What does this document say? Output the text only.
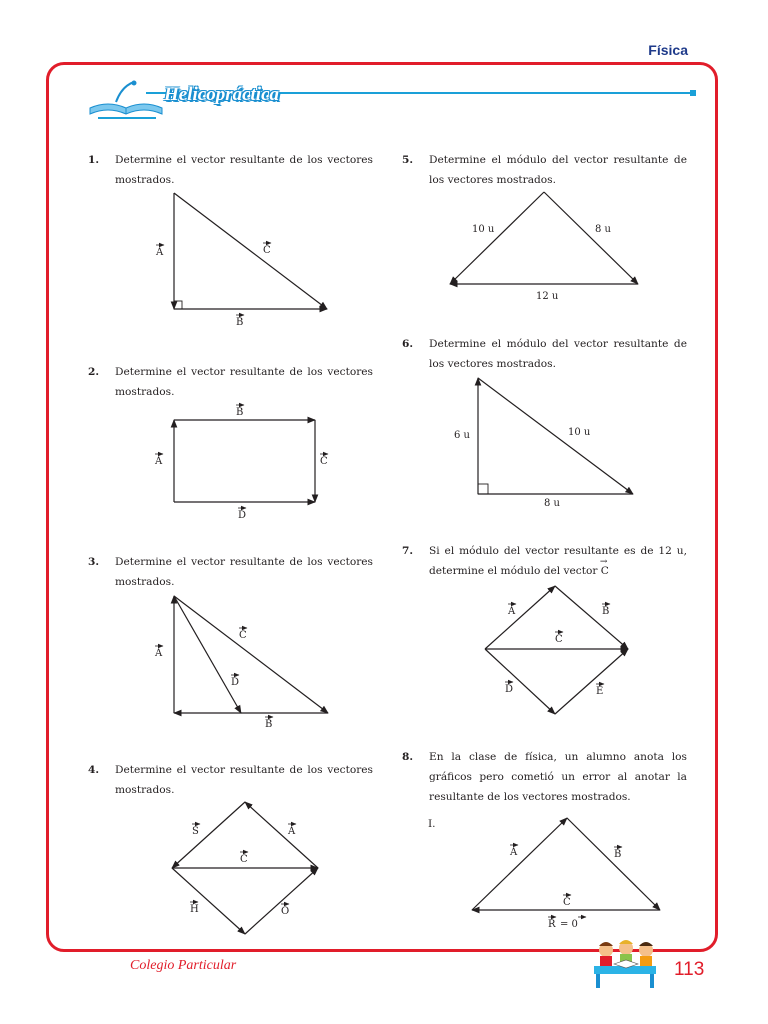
Física
Helicopráctica
1. Determine el vector resultante de los vectores mostrados.
A	C
B
2. Determine el vector resultante de los vectores mostrados.
B
A	C
D
3. Determine el vector resultante de los vectores mostrados.
A
C
D
B
4. Determine el vector resultante de los vectores mostrados.
S	A
C
H	O
5. Determine el módulo del vector resultante de los vectores mostrados.
10 u	8 u
12 u
6. Determine el módulo del vector resultante de los vectores mostrados.
6 u	10 u
8 u
7. Si el módulo del vector resultante es de 12 u, determine el módulo del vector C→
A	B
C
D	E
8. En la clase de física, un alumno anota los gráficos pero cometió un error al anotar la resultante de los vectores mostrados.
I.
A	B
C
R = 0
Colegio Particular	113
